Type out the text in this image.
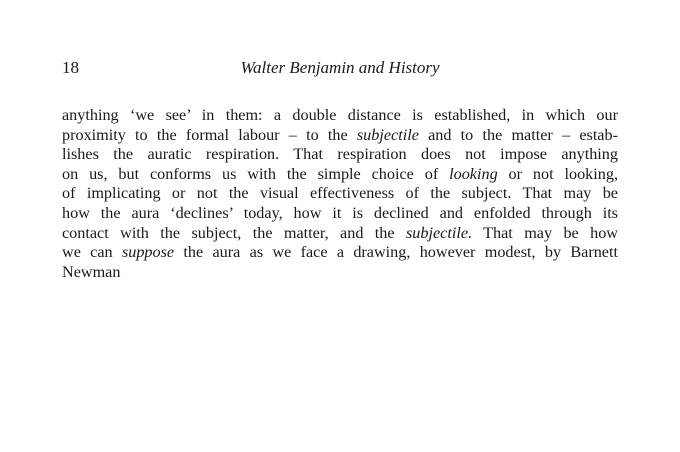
18	Walter Benjamin and History
anything ‘we see’ in them: a double distance is established, in which our
proximity to the formal labour – to the subjectile and to the matter – estab-
lishes the auratic respiration. That respiration does not impose anything
on us, but conforms us with the simple choice of looking or not looking,
of implicating or not the visual effectiveness of the subject. That may be
how the aura ‘declines’ today, how it is declined and enfolded through its
contact with the subject, the matter, and the subjectile. That may be how
we can suppose the aura as we face a drawing, however modest, by Barnett
Newman
